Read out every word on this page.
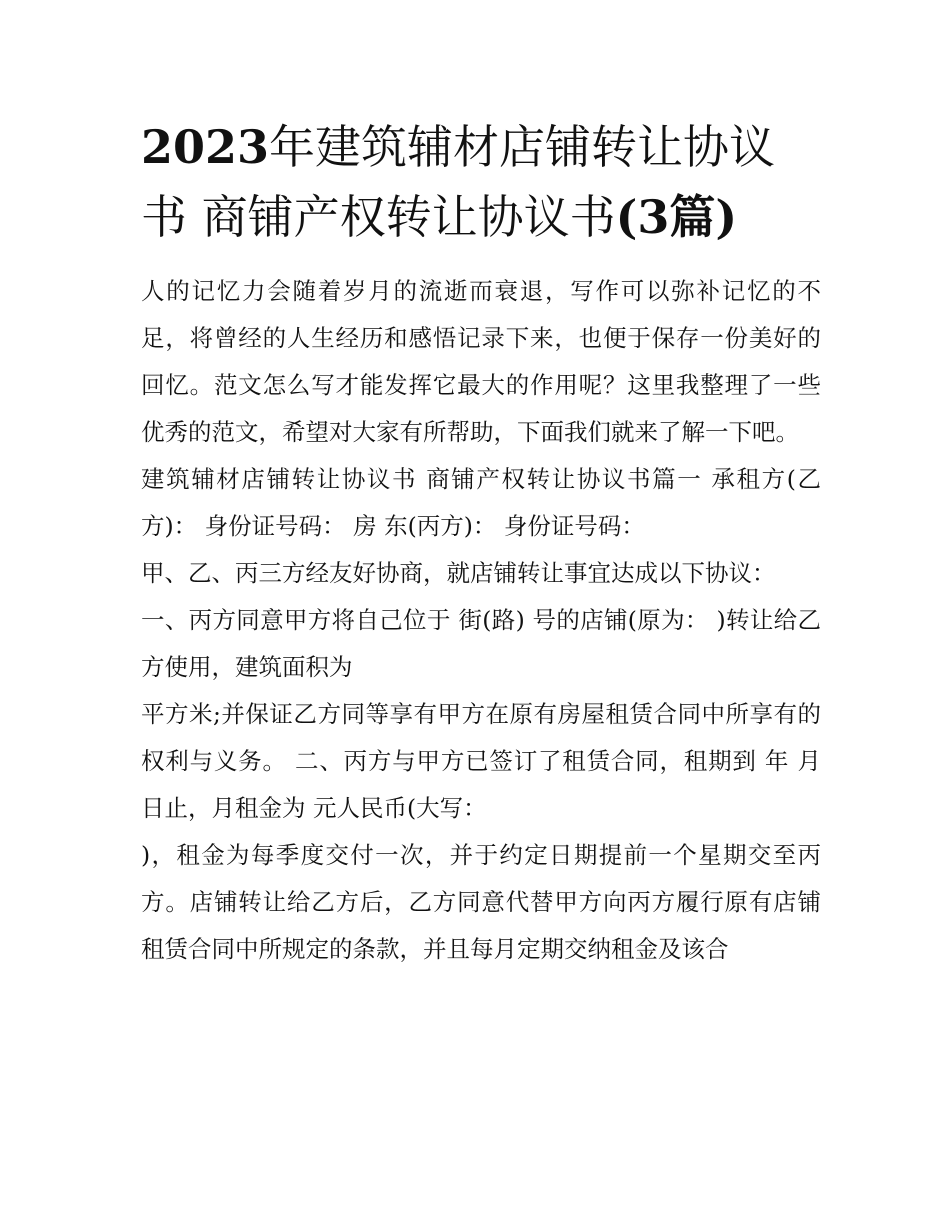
2023年建筑辅材店铺转让协议书 商铺产权转让协议书(3篇)

人的记忆力会随着岁月的流逝而衰退，写作可以弥补记忆的不足，将曾经的人生经历和感悟记录下来，也便于保存一份美好的回忆。范文怎么写才能发挥它最大的作用呢？这里我整理了一些优秀的范文，希望对大家有所帮助，下面我们就来了解一下吧。

建筑辅材店铺转让协议书 商铺产权转让协议书篇一 承租方(乙方)： 身份证号码： 房 东(丙方)： 身份证号码：

甲、乙、丙三方经友好协商，就店铺转让事宜达成以下协议：

一、丙方同意甲方将自己位于 街(路) 号的店铺(原为： )转让给乙方使用，建筑面积为

平方米;并保证乙方同等享有甲方在原有房屋租赁合同中所享有的权利与义务。 二、丙方与甲方已签订了租赁合同，租期到 年 月 日止，月租金为 元人民币(大写：

)，租金为每季度交付一次，并于约定日期提前一个星期交至丙方。店铺转让给乙方后，乙方同意代替甲方向丙方履行原有店铺租赁合同中所规定的条款，并且每月定期交纳租金及该合
